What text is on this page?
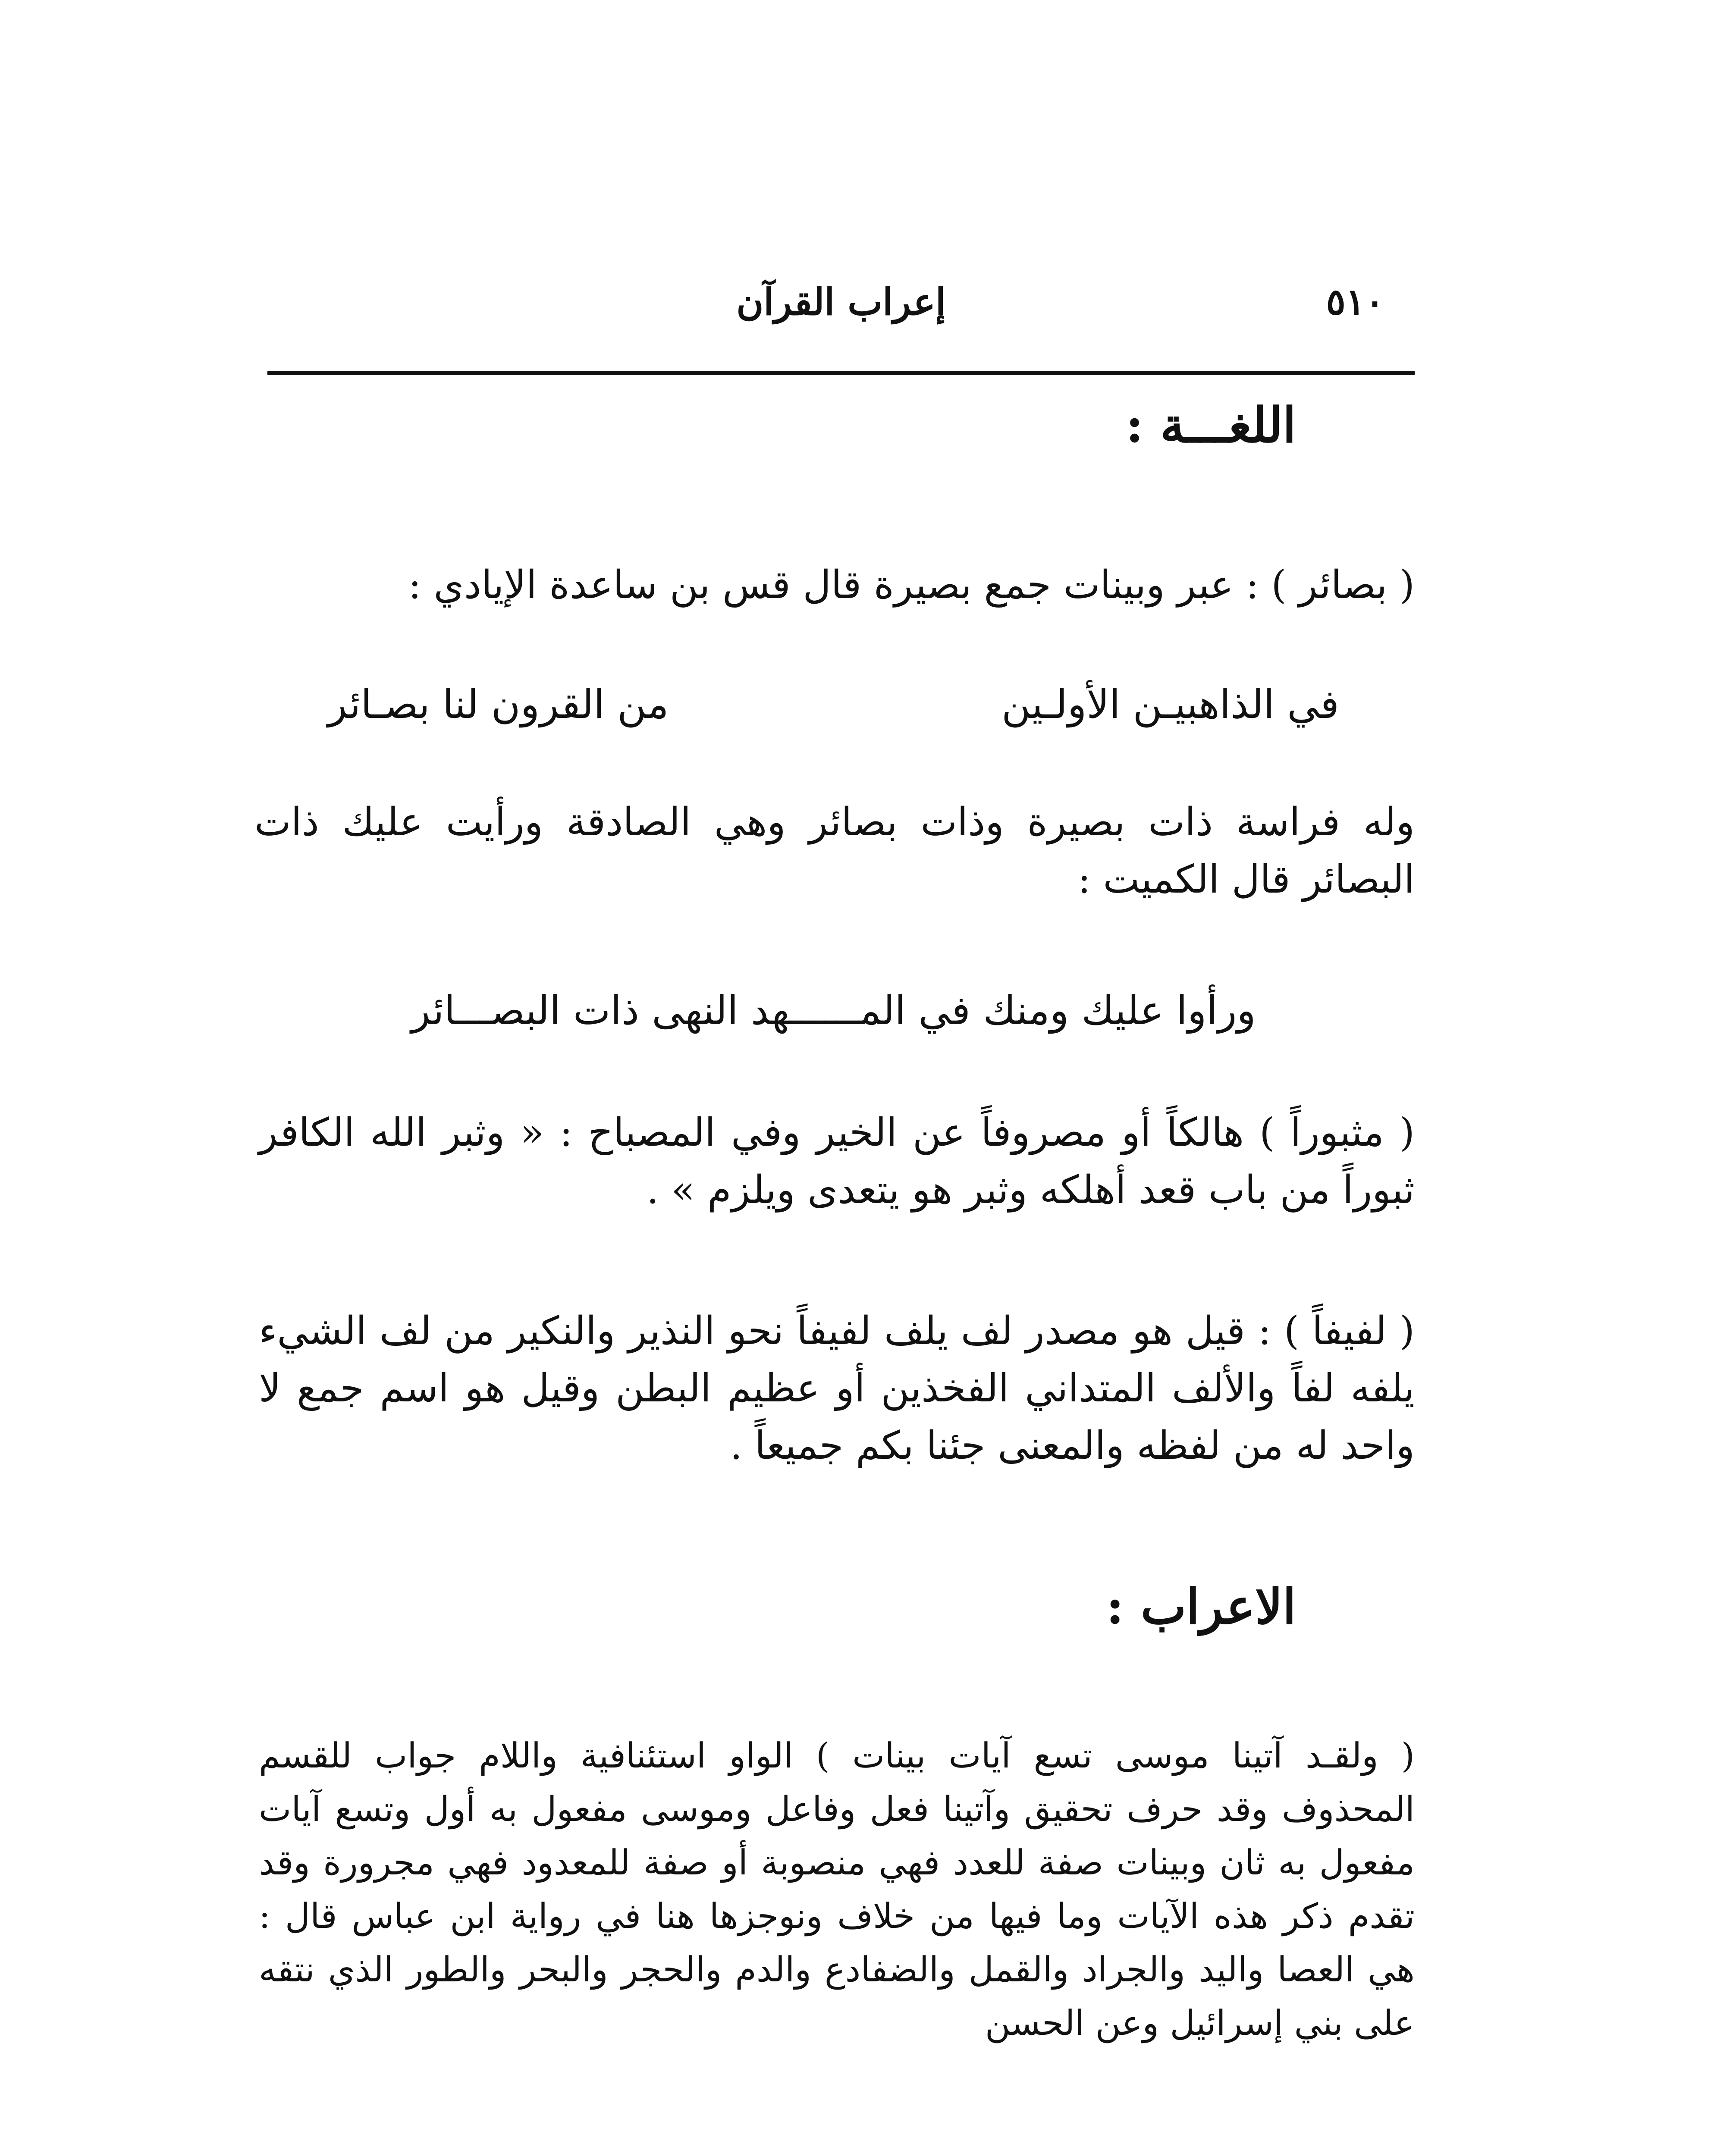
٥١٠
إعراب القرآن
اللغـــة :
( بصائر ) : عبر وبينات جمع بصيرة قال قس بن ساعدة الإيادي :
في الذاهبيـن الأولـين
من القرون لنا بصـائر
وله فراسة ذات بصيرة وذات بصائر وهي الصادقة ورأيت عليك ذات البصائر قال الكميت :
ورأوا عليك ومنك في المــــــهد النهى ذات البصـــائر
( مثبوراً ) هالكاً أو مصروفاً عن الخير وفي المصباح : « وثبر الله الكافر ثبوراً من باب قعد أهلكه وثبر هو يتعدى ويلزم » .
( لفيفاً ) : قيل هو مصدر لف يلف لفيفاً نحو النذير والنكير من لف الشيء يلفه لفاً والألف المتداني الفخذين أو عظيم البطن وقيل هو اسم جمع لا واحد له من لفظه والمعنى جئنا بكم جميعاً .
الاعراب :
( ولقـد آتينا موسى تسع آيات بينات ) الواو استئنافية واللام جواب للقسم المحذوف وقد حرف تحقيق وآتينا فعل وفاعل وموسى مفعول به أول وتسع آيات مفعول به ثان وبينات صفة للعدد فهي منصوبة أو صفة للمعدود فهي مجرورة وقد تقدم ذكر هذه الآيات وما فيها من خلاف ونوجزها هنا في رواية ابن عباس قال : هي العصا واليد والجراد والقمل والضفادع والدم والحجر والبحر والطور الذي نتقه على بني إسرائيل وعن الحسن
